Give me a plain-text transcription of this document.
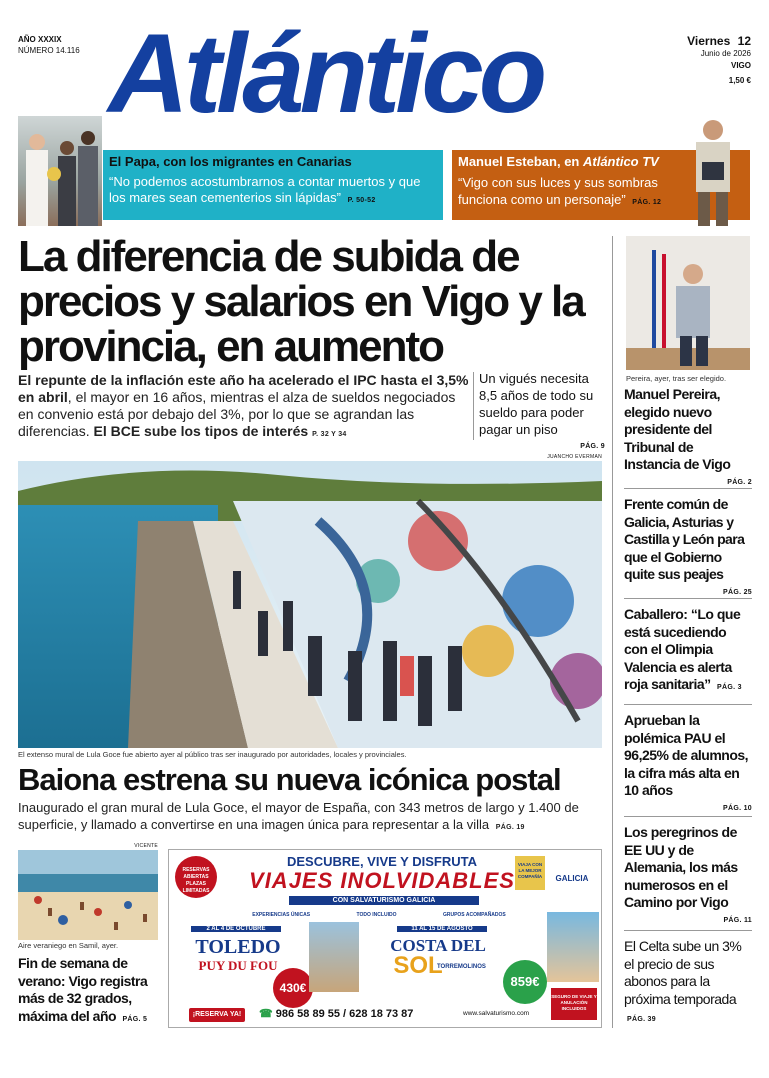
AÑO XXXIX
NÚMERO 14.116 Atlántico	Viernes 12
Junio de 2026
VIGO
1,50 €
El Papa, con los migrantes en Canarias
“No podemos acostumbrarnos a contar muertos y que los mares sean cementerios sin lápidas” P. 50-52
Manuel Esteban, en Atlántico TV
“Vigo con sus luces y sus sombras funciona como un personaje” PÁG. 12
La diferencia de subida de precios y salarios en Vigo y la provincia, en aumento
El repunte de la inflación este año ha acelerado el IPC hasta el 3,5% en abril, el mayor en 16 años, mientras el alza de sueldos negociados en convenio está por debajo del 3%, por lo que se agrandan las diferencias. El BCE sube los tipos de interés P. 32 Y 34
Un vigués necesita 8,5 años de todo su sueldo para poder pagar un piso
PÁG. 9
JUANCHO EVERMAN
El extenso mural de Lula Goce fue abierto ayer al público tras ser inaugurado por autoridades, locales y provinciales.
Baiona estrena su nueva icónica postal
Inaugurado el gran mural de Lula Goce, el mayor de España, con 343 metros de largo y 1.400 de superficie, y llamado a convertirse en una imagen única para representar a la villa PÁG. 19
VICENTE
Aire veraniego en Samil, ayer.
Fin de semana de verano: Vigo registra más de 32 grados, máxima del año PÁG. 5
RESERVAS ABIERTAS PLAZAS LIMITADAS
DESCUBRE, VIVE Y DISFRUTA
VIAJES INOLVIDABLES
CON SALVATURISMO GALICIA
VIAJA CON LA MEJOR COMPAÑÍA	GALICIA
EXPERIENCIAS ÚNICAS	TODO INCLUIDO	GRUPOS ACOMPAÑADOS
2 AL 4 DE OCTUBRE
TOLEDO
PUY DU FOU
430€
11 AL 15 DE AGOSTO
COSTA DEL
SOL
TORREMOLINOS
859€
SEGURO DE VIAJE Y ANULACIÓN INCLUIDOS
¡RESERVA YA!	☎ 986 58 89 55 / 628 18 73 87	www.salvaturismo.com
Pereira, ayer, tras ser elegido.
Manuel Pereira, elegido nuevo presidente del Tribunal de Instancia de Vigo
PÁG. 2
Frente común de Galicia, Asturias y Castilla y León para que el Gobierno quite sus peajes
PÁG. 25
Caballero: “Lo que está sucediendo con el Olimpia Valencia es alerta roja sanitaria” PÁG. 3
Aprueban la polémica PAU el 96,25% de alumnos, la cifra más alta en 10 años
PÁG. 10
Los peregrinos de EE UU y de Alemania, los más numerosos en el Camino por Vigo
PÁG. 11
El Celta sube un 3% el precio de sus abonos para la próxima temporada PÁG. 39
